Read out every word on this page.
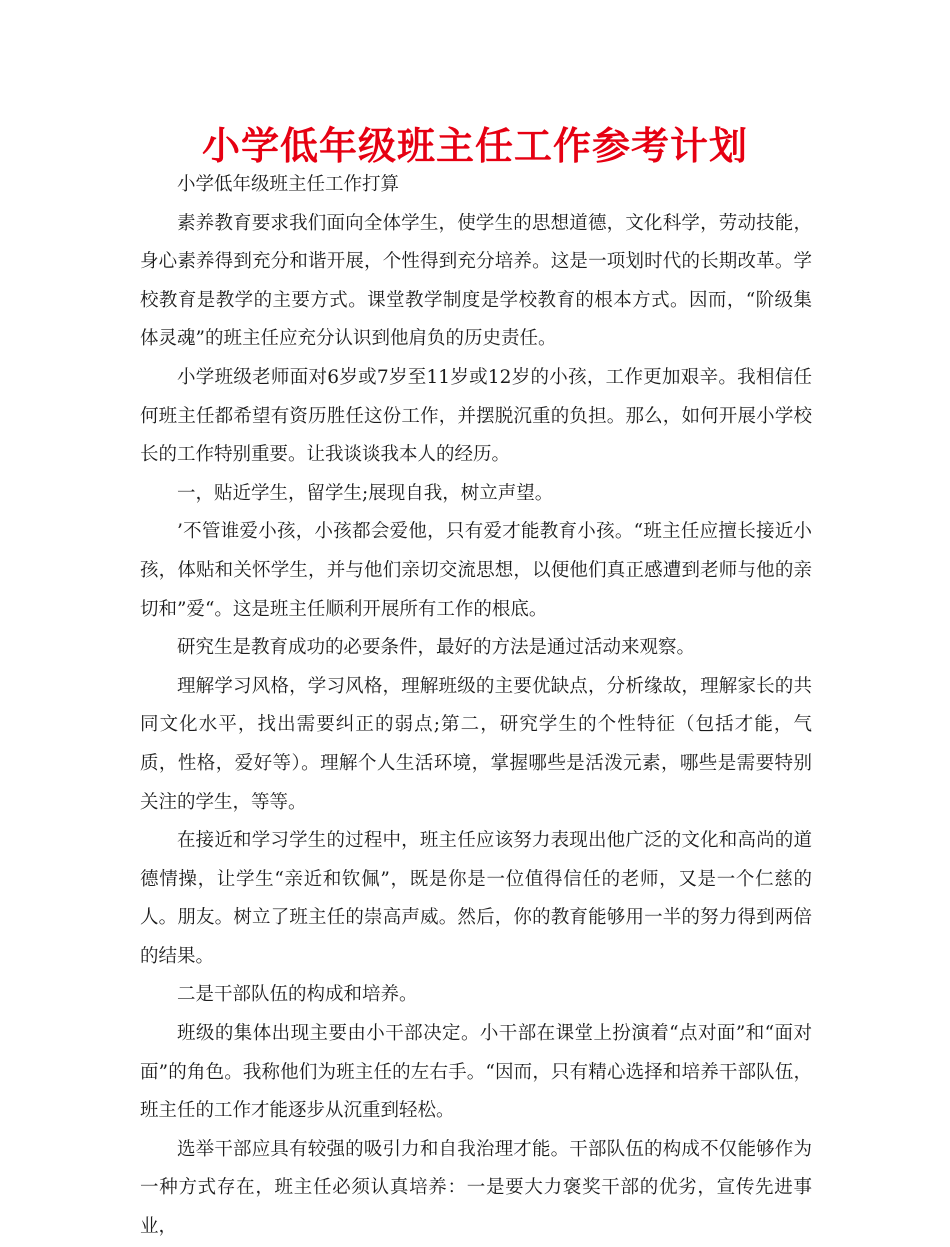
小学低年级班主任工作参考计划

小学低年级班主任工作打算

素养教育要求我们面向全体学生，使学生的思想道德，文化科学，劳动技能，身心素养得到充分和谐开展，个性得到充分培养。这是一项划时代的长期改革。学校教育是教学的主要方式。课堂教学制度是学校教育的根本方式。因而，“阶级集体灵魂”的班主任应充分认识到他肩负的历史责任。

小学班级老师面对6岁或7岁至11岁或12岁的小孩，工作更加艰辛。我相信任何班主任都希望有资历胜任这份工作，并摆脱沉重的负担。那么，如何开展小学校长的工作特别重要。让我谈谈我本人的经历。

一，贴近学生，留学生;展现自我，树立声望。

’不管谁爱小孩，小孩都会爱他，只有爱才能教育小孩。“班主任应擅长接近小孩，体贴和关怀学生，并与他们亲切交流思想，以便他们真正感遭到老师与他的亲切和”爱“。这是班主任顺利开展所有工作的根底。

研究生是教育成功的必要条件，最好的方法是通过活动来观察。

理解学习风格，学习风格，理解班级的主要优缺点，分析缘故，理解家长的共同文化水平，找出需要纠正的弱点;第二，研究学生的个性特征（包括才能，气质，性格，爱好等）。理解个人生活环境，掌握哪些是活泼元素，哪些是需要特别关注的学生，等等。

在接近和学习学生的过程中，班主任应该努力表现出他广泛的文化和高尚的道德情操，让学生“亲近和钦佩”，既是你是一位值得信任的老师，又是一个仁慈的人。朋友。树立了班主任的崇高声威。然后，你的教育能够用一半的努力得到两倍的结果。

二是干部队伍的构成和培养。

班级的集体出现主要由小干部决定。小干部在课堂上扮演着“点对面”和“面对面”的角色。我称他们为班主任的左右手。“因而，只有精心选择和培养干部队伍，班主任的工作才能逐步从沉重到轻松。

选举干部应具有较强的吸引力和自我治理才能。干部队伍的构成不仅能够作为一种方式存在，班主任必须认真培养：一是要大力褒奖干部的优劣，宣传先进事业，
